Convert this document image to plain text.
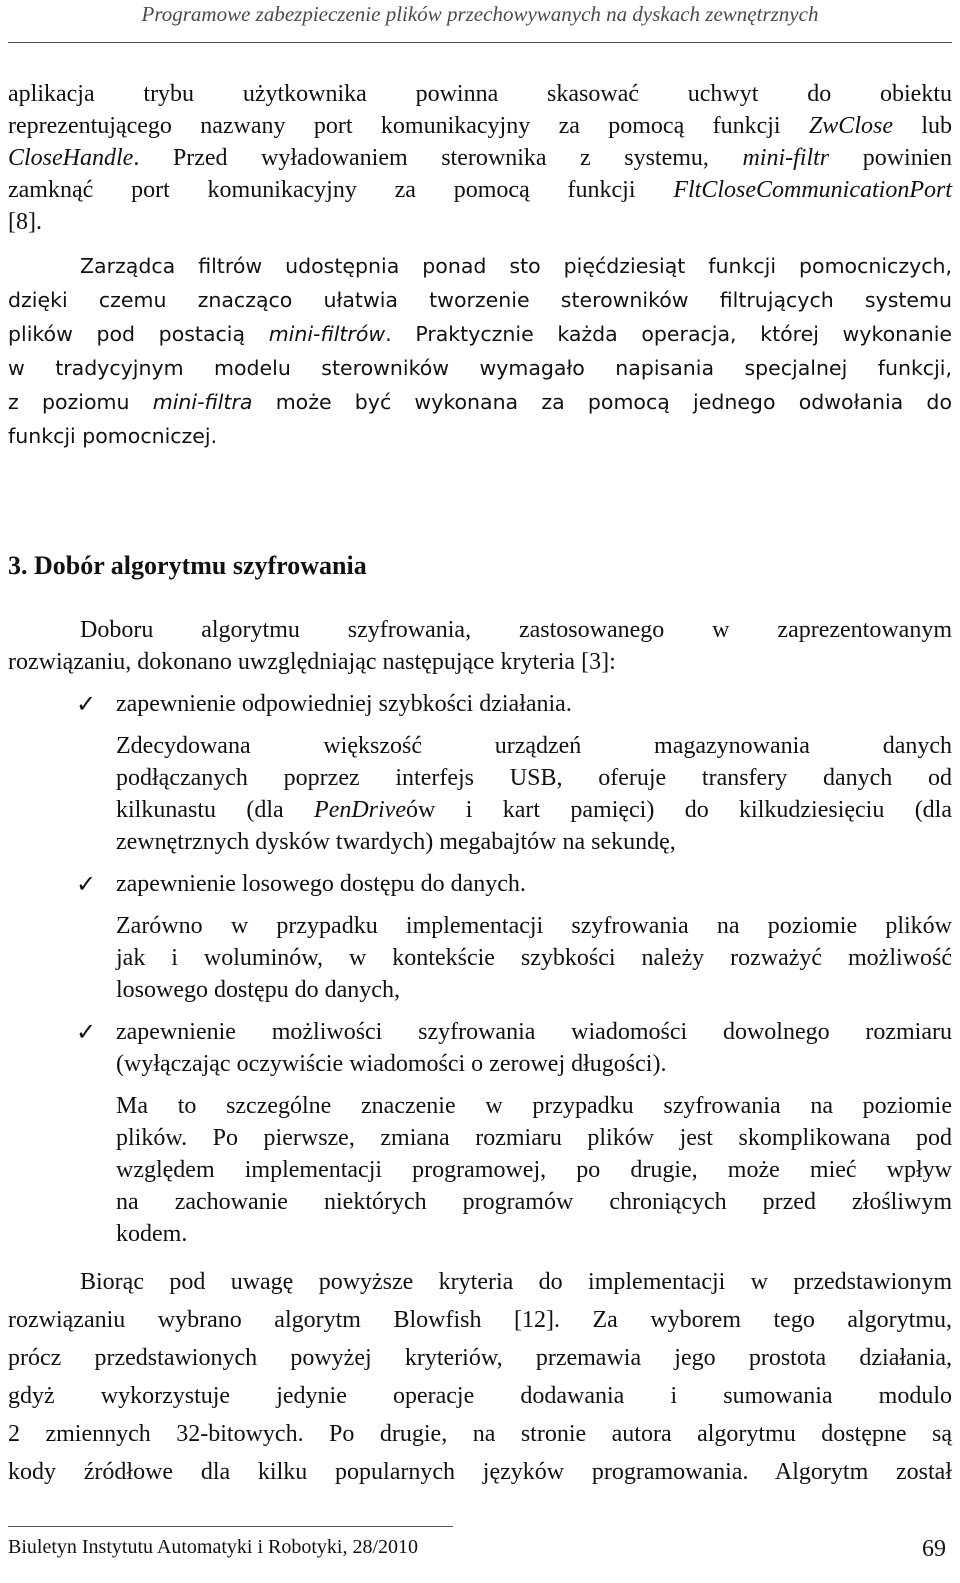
Programowe zabezpieczenie plików przechowywanych na dyskach zewnętrznych
aplikacja trybu użytkownika powinna skasować uchwyt do obiektu
reprezentującego nazwany port komunikacyjny za pomocą funkcji ZwClose lub
CloseHandle. Przed wyładowaniem sterownika z systemu, mini-filtr powinien
zamknąć port komunikacyjny za pomocą funkcji FltCloseCommunicationPort
[8].
Zarządca filtrów udostępnia ponad sto pięćdziesiąt funkcji pomocniczych,
dzięki czemu znacząco ułatwia tworzenie sterowników filtrujących systemu
plików pod postacią mini-filtrów. Praktycznie każda operacja, której wykonanie
w tradycyjnym modelu sterowników wymagało napisania specjalnej funkcji,
z poziomu mini-filtra może być wykonana za pomocą jednego odwołania do
funkcji pomocniczej.
3. Dobór algorytmu szyfrowania
Doboru algorytmu szyfrowania, zastosowanego w zaprezentowanym
rozwiązaniu, dokonano uwzględniając następujące kryteria [3]:
✓ zapewnienie odpowiedniej szybkości działania.
Zdecydowana większość urządzeń magazynowania danych
podłączanych poprzez interfejs USB, oferuje transfery danych od
kilkunastu (dla PenDriveów i kart pamięci) do kilkudziesięciu (dla
zewnętrznych dysków twardych) megabajtów na sekundę,
✓ zapewnienie losowego dostępu do danych.
Zarówno w przypadku implementacji szyfrowania na poziomie plików
jak i woluminów, w kontekście szybkości należy rozważyć możliwość
losowego dostępu do danych,
✓ zapewnienie możliwości szyfrowania wiadomości dowolnego rozmiaru
(wyłączając oczywiście wiadomości o zerowej długości).
Ma to szczególne znaczenie w przypadku szyfrowania na poziomie
plików. Po pierwsze, zmiana rozmiaru plików jest skomplikowana pod
względem implementacji programowej, po drugie, może mieć wpływ
na zachowanie niektórych programów chroniących przed złośliwym
kodem.
Biorąc pod uwagę powyższe kryteria do implementacji w przedstawionym
rozwiązaniu wybrano algorytm Blowfish [12]. Za wyborem tego algorytmu,
prócz przedstawionych powyżej kryteriów, przemawia jego prostota działania,
gdyż wykorzystuje jedynie operacje dodawania i sumowania modulo
2 zmiennych 32-bitowych. Po drugie, na stronie autora algorytmu dostępne są
kody źródłowe dla kilku popularnych języków programowania. Algorytm został
Biuletyn Instytutu Automatyki i Robotyki, 28/2010	69
